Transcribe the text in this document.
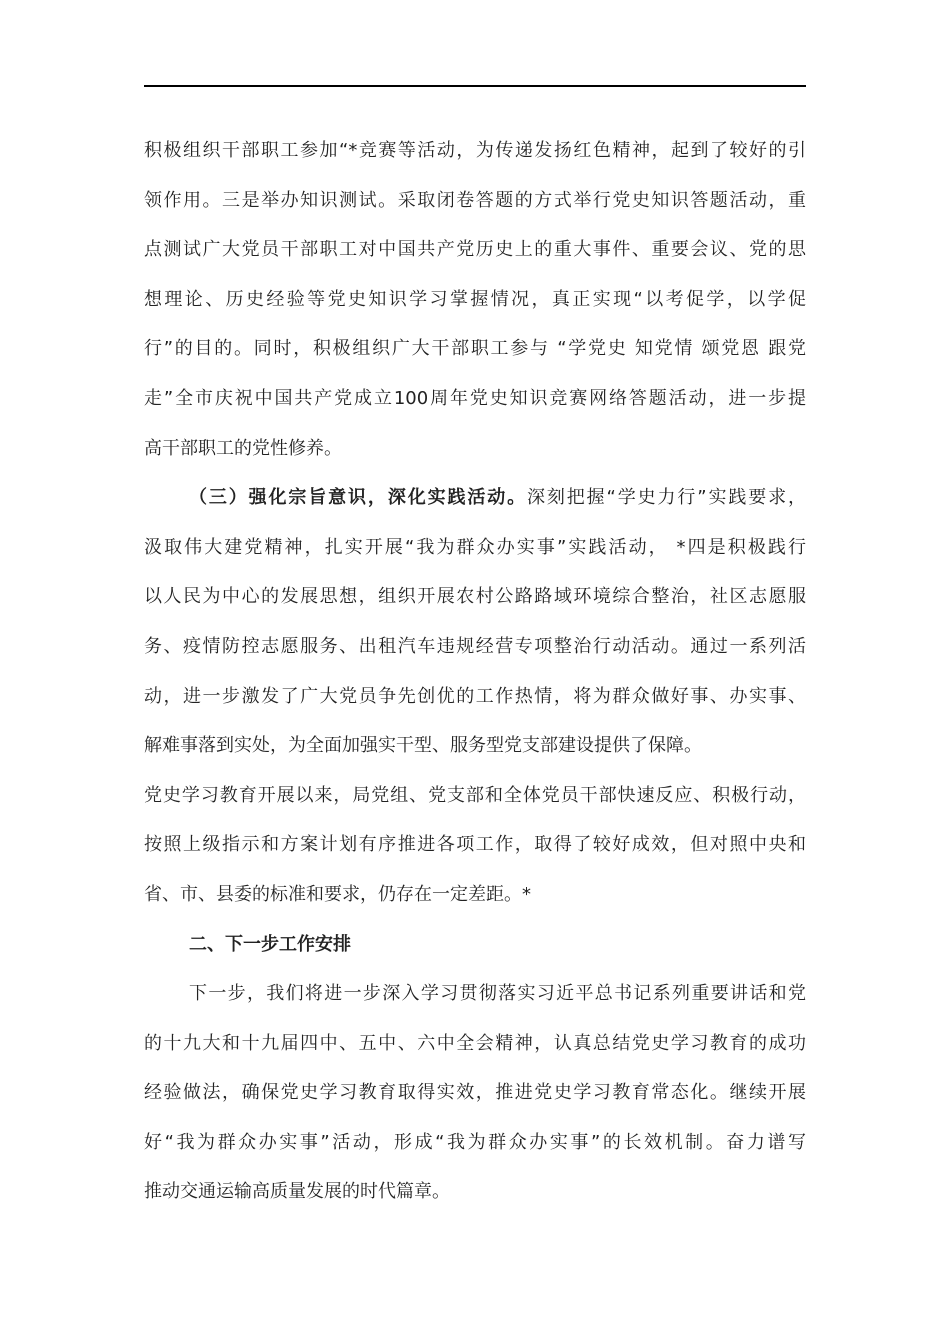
积极组织干部职工参加“*竞赛等活动，为传递发扬红色精神，起到了较好的引
领作用。三是举办知识测试。采取闭卷答题的方式举行党史知识答题活动，重
点测试广大党员干部职工对中国共产党历史上的重大事件、重要会议、党的思
想理论、历史经验等党史知识学习掌握情况，真正实现“以考促学，以学促
行”的目的。同时，积极组织广大干部职工参与 “学党史 知党情 颂党恩 跟党
走”全市庆祝中国共产党成立100周年党史知识竞赛网络答题活动，进一步提
高干部职工的党性修养。
（三）强化宗旨意识，深化实践活动。深刻把握“学史力行”实践要求，
汲取伟大建党精神，扎实开展“我为群众办实事”实践活动， *四是积极践行
以人民为中心的发展思想，组织开展农村公路路域环境综合整治，社区志愿服
务、疫情防控志愿服务、出租汽车违规经营专项整治行动活动。通过一系列活
动，进一步激发了广大党员争先创优的工作热情，将为群众做好事、办实事、
解难事落到实处，为全面加强实干型、服务型党支部建设提供了保障。
党史学习教育开展以来，局党组、党支部和全体党员干部快速反应、积极行动，
按照上级指示和方案计划有序推进各项工作，取得了较好成效，但对照中央和
省、市、县委的标准和要求，仍存在一定差距。*
二、下一步工作安排
下一步，我们将进一步深入学习贯彻落实习近平总书记系列重要讲话和党
的十九大和十九届四中、五中、六中全会精神，认真总结党史学习教育的成功
经验做法，确保党史学习教育取得实效，推进党史学习教育常态化。继续开展
好“我为群众办实事”活动，形成“我为群众办实事”的长效机制。奋力谱写
推动交通运输高质量发展的时代篇章。
